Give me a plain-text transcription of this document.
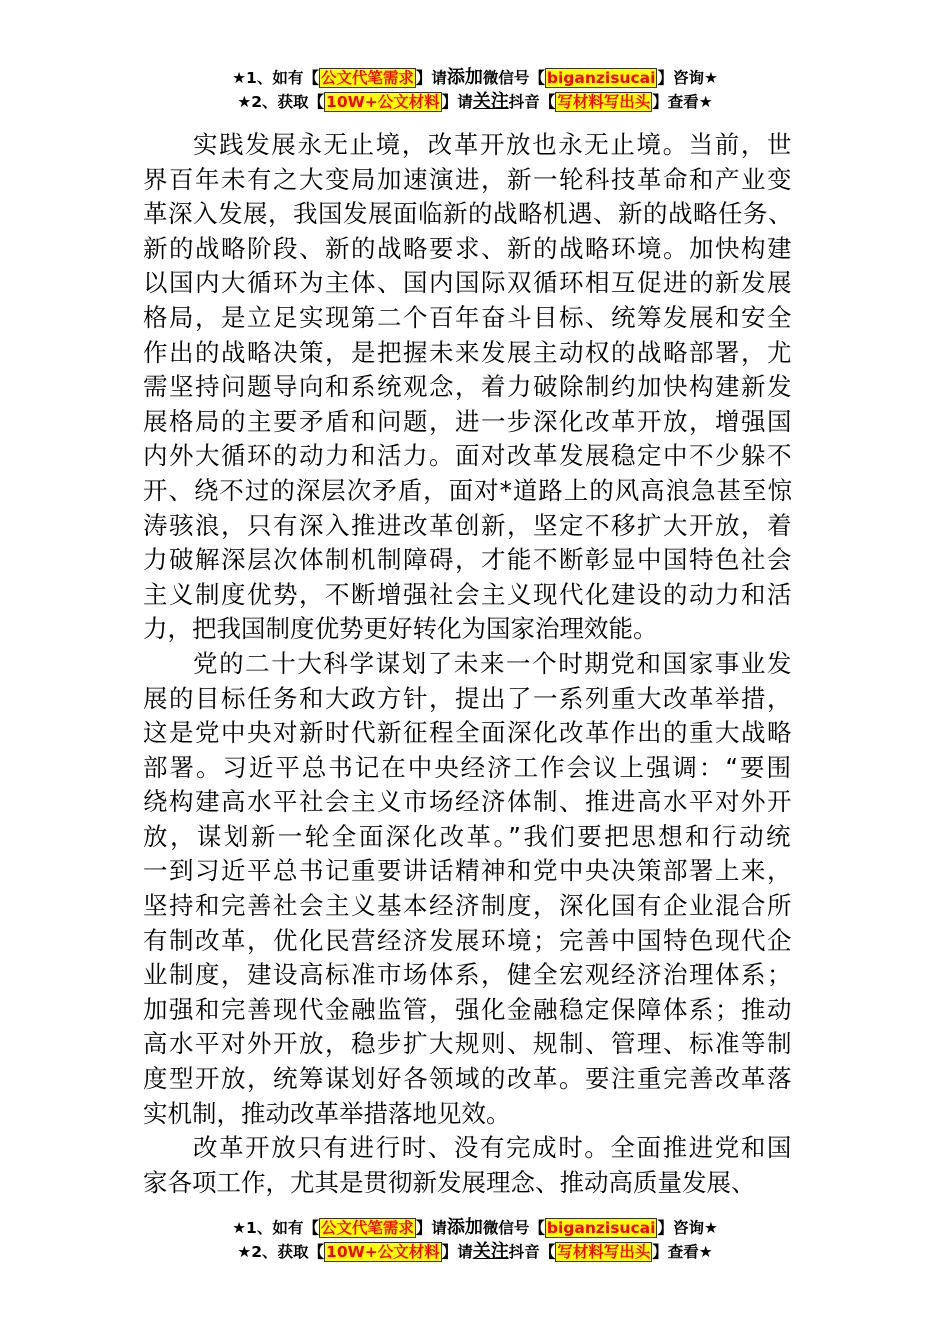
★1、如有【 公文代笔需求 】请添加微信号【 biganzisucai 】咨询★
★2、获取【 10W+公文材料 】请关注抖音【 写材料写出头 】查看★
实践发展永无止境，改革开放也永无止境。当前，世
界百年未有之大变局加速演进，新一轮科技革命和产业变
革深入发展，我国发展面临新的战略机遇、新的战略任务、
新的战略阶段、新的战略要求、新的战略环境。加快构建
以国内大循环为主体、国内国际双循环相互促进的新发展
格局，是立足实现第二个百年奋斗目标、统筹发展和安全
作出的战略决策，是把握未来发展主动权的战略部署，尤
需坚持问题导向和系统观念，着力破除制约加快构建新发
展格局的主要矛盾和问题，进一步深化改革开放，增强国
内外大循环的动力和活力。面对改革发展稳定中不少躲不
开、绕不过的深层次矛盾，面对*道路上的风高浪急甚至惊
涛骇浪，只有深入推进改革创新，坚定不移扩大开放，着
力破解深层次体制机制障碍，才能不断彰显中国特色社会
主义制度优势，不断增强社会主义现代化建设的动力和活
力，把我国制度优势更好转化为国家治理效能。
党的二十大科学谋划了未来一个时期党和国家事业发
展的目标任务和大政方针，提出了一系列重大改革举措，
这是党中央对新时代新征程全面深化改革作出的重大战略
部署。习近平总书记在中央经济工作会议上强调：“要围
绕构建高水平社会主义市场经济体制、推进高水平对外开
放，谋划新一轮全面深化改革。”我们要把思想和行动统
一到习近平总书记重要讲话精神和党中央决策部署上来，
坚持和完善社会主义基本经济制度，深化国有企业混合所
有制改革，优化民营经济发展环境；完善中国特色现代企
业制度，建设高标准市场体系，健全宏观经济治理体系；
加强和完善现代金融监管，强化金融稳定保障体系；推动
高水平对外开放，稳步扩大规则、规制、管理、标准等制
度型开放，统筹谋划好各领域的改革。要注重完善改革落
实机制，推动改革举措落地见效。
改革开放只有进行时、没有完成时。全面推进党和国
家各项工作，尤其是贯彻新发展理念、推动高质量发展、
★1、如有【 公文代笔需求 】请添加微信号【 biganzisucai 】咨询★
★2、获取【 10W+公文材料 】请关注抖音【 写材料写出头 】查看★
